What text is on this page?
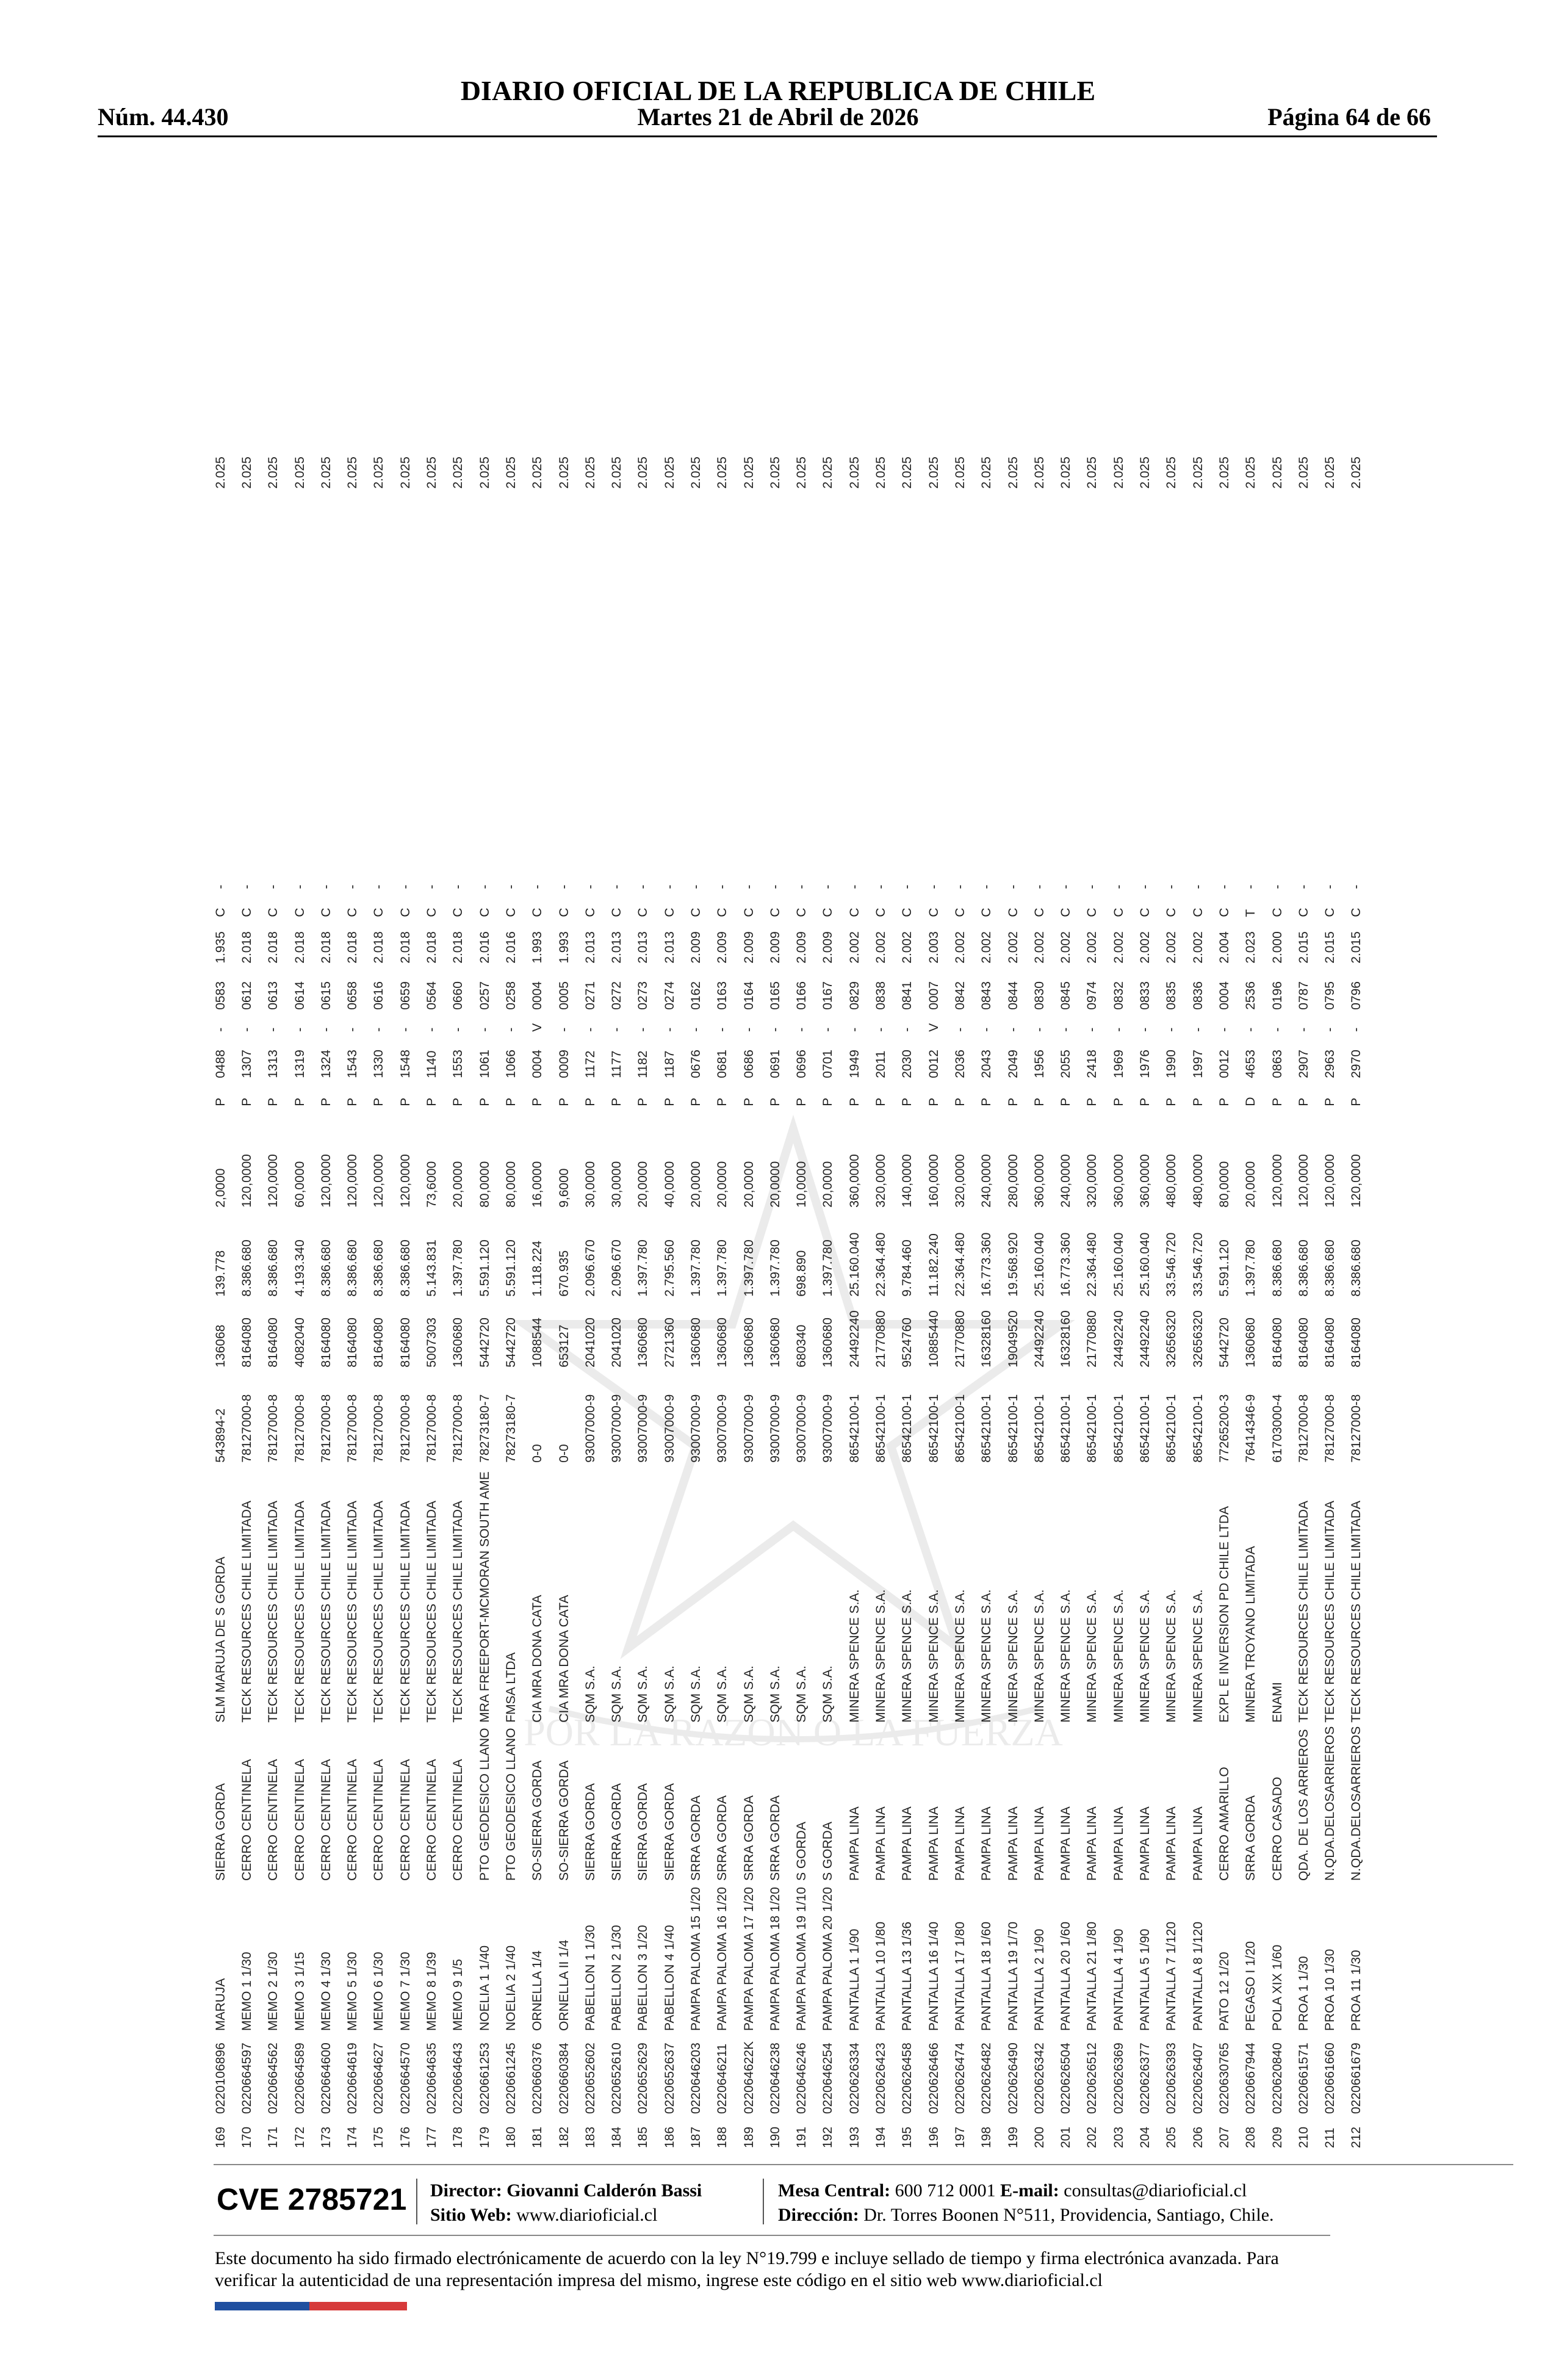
Núm. 44.430
DIARIO OFICIAL DE LA REPUBLICA DE CHILE
Martes 21 de Abril de 2026	Página 64 de 66
POR LA RAZON O LA FUERZA
169	0220106896	MARUJA	SIERRA GORDA	SLM MARUJA DE S GORDA	543894-2	136068	139.778	2,0000	P	0488	-	0583	1.935	C	-	2.025
170	0220664597	MEMO 1 1/30	CERRO CENTINELA	TECK RESOURCES CHILE LIMITADA	78127000-8	8164080	8.386.680	120,0000	P	1307	-	0612	2.018	C	-	2.025
171	0220664562	MEMO 2 1/30	CERRO CENTINELA	TECK RESOURCES CHILE LIMITADA	78127000-8	8164080	8.386.680	120,0000	P	1313	-	0613	2.018	C	-	2.025
172	0220664589	MEMO 3 1/15	CERRO CENTINELA	TECK RESOURCES CHILE LIMITADA	78127000-8	4082040	4.193.340	60,0000	P	1319	-	0614	2.018	C	-	2.025
173	0220664600	MEMO 4 1/30	CERRO CENTINELA	TECK RESOURCES CHILE LIMITADA	78127000-8	8164080	8.386.680	120,0000	P	1324	-	0615	2.018	C	-	2.025
174	0220664619	MEMO 5 1/30	CERRO CENTINELA	TECK RESOURCES CHILE LIMITADA	78127000-8	8164080	8.386.680	120,0000	P	1543	-	0658	2.018	C	-	2.025
175	0220664627	MEMO 6 1/30	CERRO CENTINELA	TECK RESOURCES CHILE LIMITADA	78127000-8	8164080	8.386.680	120,0000	P	1330	-	0616	2.018	C	-	2.025
176	0220664570	MEMO 7 1/30	CERRO CENTINELA	TECK RESOURCES CHILE LIMITADA	78127000-8	8164080	8.386.680	120,0000	P	1548	-	0659	2.018	C	-	2.025
177	0220664635	MEMO 8 1/39	CERRO CENTINELA	TECK RESOURCES CHILE LIMITADA	78127000-8	5007303	5.143.831	73,6000	P	1140	-	0564	2.018	C	-	2.025
178	0220664643	MEMO 9 1/5	CERRO CENTINELA	TECK RESOURCES CHILE LIMITADA	78127000-8	1360680	1.397.780	20,0000	P	1553	-	0660	2.018	C	-	2.025
179	0220661253	NOELIA 1 1/40	PTO GEODESICO LLANO	MRA FREEPORT-MCMORAN SOUTH AME	78273180-7	5442720	5.591.120	80,0000	P	1061	-	0257	2.016	C	-	2.025
180	0220661245	NOELIA 2 1/40	PTO GEODESICO LLANO	FMSA LTDA	78273180-7	5442720	5.591.120	80,0000	P	1066	-	0258	2.016	C	-	2.025
181	0220660376	ORNELLA 1/4	SO-SIERRA GORDA	CIA MRA DONA CATA	0-0	1088544	1.118.224	16,0000	P	0004	V	0004	1.993	C	-	2.025
182	0220660384	ORNELLA II 1/4	SO-SIERRA GORDA	CIA MRA DONA CATA	0-0	653127	670.935	9,6000	P	0009	-	0005	1.993	C	-	2.025
183	0220652602	PABELLON 1 1/30	SIERRA GORDA	SQM S.A.	93007000-9	2041020	2.096.670	30,0000	P	1172	-	0271	2.013	C	-	2.025
184	0220652610	PABELLON 2 1/30	SIERRA GORDA	SQM S.A.	93007000-9	2041020	2.096.670	30,0000	P	1177	-	0272	2.013	C	-	2.025
185	0220652629	PABELLON 3 1/20	SIERRA GORDA	SQM S.A.	93007000-9	1360680	1.397.780	20,0000	P	1182	-	0273	2.013	C	-	2.025
186	0220652637	PABELLON 4 1/40	SIERRA GORDA	SQM S.A.	93007000-9	2721360	2.795.560	40,0000	P	1187	-	0274	2.013	C	-	2.025
187	0220646203	PAMPA PALOMA 15 1/20	SRRA GORDA	SQM S.A.	93007000-9	1360680	1.397.780	20,0000	P	0676	-	0162	2.009	C	-	2.025
188	0220646211	PAMPA PALOMA 16 1/20	SRRA GORDA	SQM S.A.	93007000-9	1360680	1.397.780	20,0000	P	0681	-	0163	2.009	C	-	2.025
189	022064622K	PAMPA PALOMA 17 1/20	SRRA GORDA	SQM S.A.	93007000-9	1360680	1.397.780	20,0000	P	0686	-	0164	2.009	C	-	2.025
190	0220646238	PAMPA PALOMA 18 1/20	SRRA GORDA	SQM S.A.	93007000-9	1360680	1.397.780	20,0000	P	0691	-	0165	2.009	C	-	2.025
191	0220646246	PAMPA PALOMA 19 1/10	S GORDA	SQM S.A.	93007000-9	680340	698.890	10,0000	P	0696	-	0166	2.009	C	-	2.025
192	0220646254	PAMPA PALOMA 20 1/20	S GORDA	SQM S.A.	93007000-9	1360680	1.397.780	20,0000	P	0701	-	0167	2.009	C	-	2.025
193	0220626334	PANTALLA 1 1/90	PAMPA LINA	MINERA SPENCE S.A.	86542100-1	24492240	25.160.040	360,0000	P	1949	-	0829	2.002	C	-	2.025
194	0220626423	PANTALLA 10 1/80	PAMPA LINA	MINERA SPENCE S.A.	86542100-1	21770880	22.364.480	320,0000	P	2011	-	0838	2.002	C	-	2.025
195	0220626458	PANTALLA 13 1/36	PAMPA LINA	MINERA SPENCE S.A.	86542100-1	9524760	9.784.460	140,0000	P	2030	-	0841	2.002	C	-	2.025
196	0220626466	PANTALLA 16 1/40	PAMPA LINA	MINERA SPENCE S.A.	86542100-1	10885440	11.182.240	160,0000	P	0012	V	0007	2.003	C	-	2.025
197	0220626474	PANTALLA 17 1/80	PAMPA LINA	MINERA SPENCE S.A.	86542100-1	21770880	22.364.480	320,0000	P	2036	-	0842	2.002	C	-	2.025
198	0220626482	PANTALLA 18 1/60	PAMPA LINA	MINERA SPENCE S.A.	86542100-1	16328160	16.773.360	240,0000	P	2043	-	0843	2.002	C	-	2.025
199	0220626490	PANTALLA 19 1/70	PAMPA LINA	MINERA SPENCE S.A.	86542100-1	19049520	19.568.920	280,0000	P	2049	-	0844	2.002	C	-	2.025
200	0220626342	PANTALLA 2 1/90	PAMPA LINA	MINERA SPENCE S.A.	86542100-1	24492240	25.160.040	360,0000	P	1956	-	0830	2.002	C	-	2.025
201	0220626504	PANTALLA 20 1/60	PAMPA LINA	MINERA SPENCE S.A.	86542100-1	16328160	16.773.360	240,0000	P	2055	-	0845	2.002	C	-	2.025
202	0220626512	PANTALLA 21 1/80	PAMPA LINA	MINERA SPENCE S.A.	86542100-1	21770880	22.364.480	320,0000	P	2418	-	0974	2.002	C	-	2.025
203	0220626369	PANTALLA 4 1/90	PAMPA LINA	MINERA SPENCE S.A.	86542100-1	24492240	25.160.040	360,0000	P	1969	-	0832	2.002	C	-	2.025
204	0220626377	PANTALLA 5 1/90	PAMPA LINA	MINERA SPENCE S.A.	86542100-1	24492240	25.160.040	360,0000	P	1976	-	0833	2.002	C	-	2.025
205	0220626393	PANTALLA 7 1/120	PAMPA LINA	MINERA SPENCE S.A.	86542100-1	32656320	33.546.720	480,0000	P	1990	-	0835	2.002	C	-	2.025
206	0220626407	PANTALLA 8 1/120	PAMPA LINA	MINERA SPENCE S.A.	86542100-1	32656320	33.546.720	480,0000	P	1997	-	0836	2.002	C	-	2.025
207	0220630765	PATO 12 1/20	CERRO AMARILLO	EXPL E INVERSION PD CHILE LTDA	77265200-3	5442720	5.591.120	80,0000	P	0012	-	0004	2.004	C	-	2.025
208	0220667944	PEGASO I 1/20	SRRA GORDA	MINERA TROYANO LIMITADA	76414346-9	1360680	1.397.780	20,0000	D	4653	-	2536	2.023	T	-	2.025
209	0220620840	POLA XIX 1/60	CERRO CASADO	ENAMI	61703000-4	8164080	8.386.680	120,0000	P	0863	-	0196	2.000	C	-	2.025
210	0220661571	PROA 1 1/30	QDA. DE LOS ARRIEROS	TECK RESOURCES CHILE LIMITADA	78127000-8	8164080	8.386.680	120,0000	P	2907	-	0787	2.015	C	-	2.025
211	0220661660	PROA 10 1/30	N.QDA.DELOSARRIEROS	TECK RESOURCES CHILE LIMITADA	78127000-8	8164080	8.386.680	120,0000	P	2963	-	0795	2.015	C	-	2.025
212	0220661679	PROA 11 1/30	N.QDA.DELOSARRIEROS	TECK RESOURCES CHILE LIMITADA	78127000-8	8164080	8.386.680	120,0000	P	2970	-	0796	2.015	C	-	2.025
CVE 2785721 Director: Giovanni Calderón Bassi
Sitio Web: www.diarioficial.cl
Mesa Central: 600 712 0001 E-mail: consultas@diarioficial.cl
Dirección: Dr. Torres Boonen N°511, Providencia, Santiago, Chile.
Este documento ha sido firmado electrónicamente de acuerdo con la ley N°19.799 e incluye sellado de tiempo y firma electrónica avanzada. Para verificar la autenticidad de una representación impresa del mismo, ingrese este código en el sitio web www.diarioficial.cl
